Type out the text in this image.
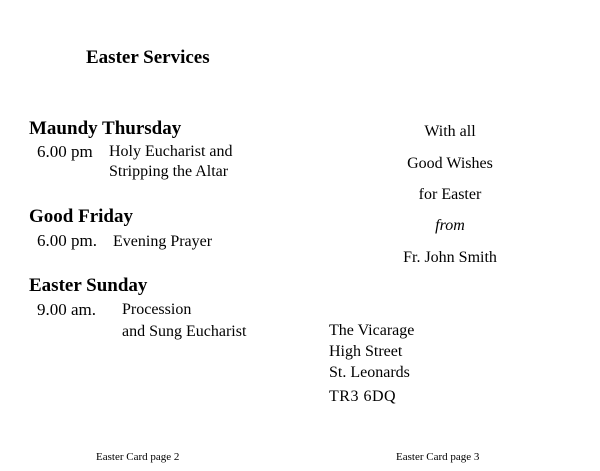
Easter Services
Maundy Thursday
6.00 pm Holy Eucharist and
Stripping the Altar
Good Friday
6.00 pm. Evening Prayer
Easter Sunday
9.00 am. Procession
and Sung Eucharist
With all
Good Wishes
for Easter
from
Fr. John Smith
The Vicarage
High Street
St. Leonards
TR3 6DQ
Easter Card page 2	Easter Card page 3
